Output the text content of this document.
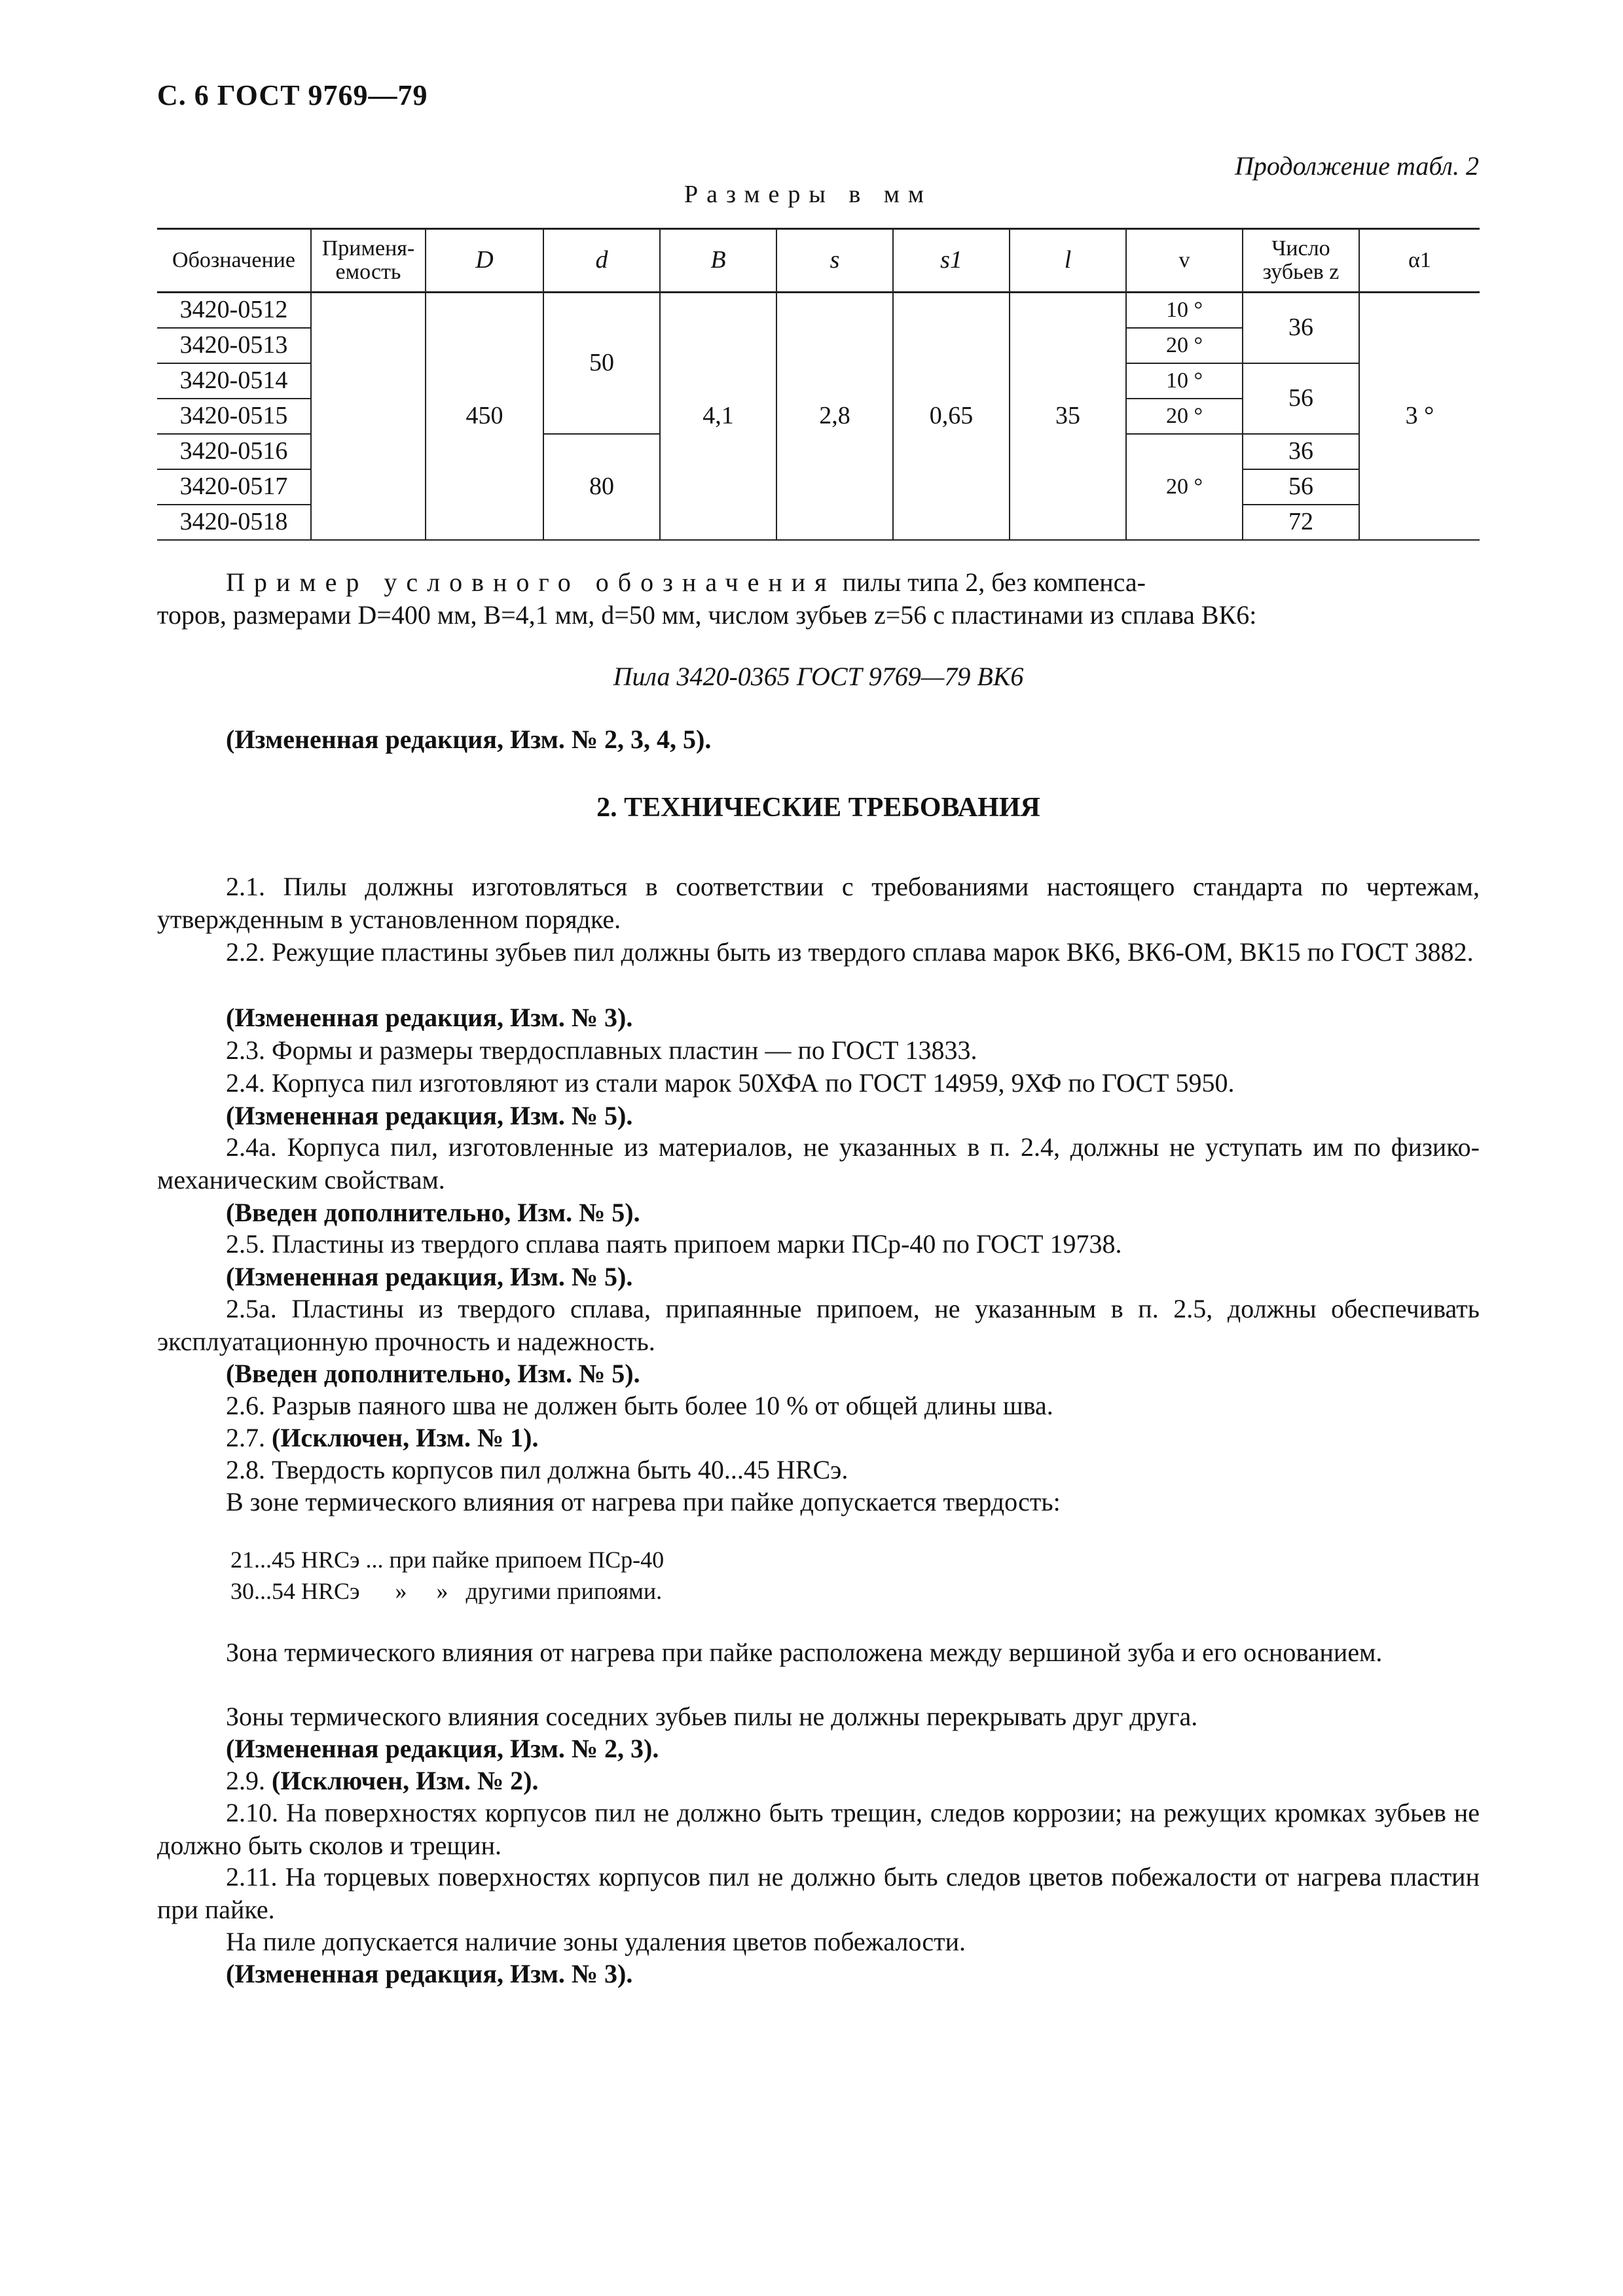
С. 6 ГОСТ 9769—79
Продолжение табл. 2
Размеры в мм
Обозначение	Применя-емость	D	d	B	s	s1	l	v	Число зубьев z	α1
3420-0512		450	50	4,1	2,8	0,65	35	10 °	36	3 °
3420-0513								20 °		
3420-0514								10 °	56	
3420-0515								20 °		
3420-0516			80					20 °	36	
3420-0517									56	
3420-0518									72	
Пример условного обозначения пилы типа 2, без компенса-
торов, размерами D=400 мм, B=4,1 мм, d=50 мм, числом зубьев z=56 с пластинами из сплава ВК6:
Пила 3420-0365 ГОСТ 9769—79 ВК6
(Измененная редакция, Изм. № 2, 3, 4, 5).
2. ТЕХНИЧЕСКИЕ ТРЕБОВАНИЯ
2.1. Пилы должны изготовляться в соответствии с требованиями настоящего стандарта по чертежам, утвержденным в установленном порядке.
2.2. Режущие пластины зубьев пил должны быть из твердого сплава марок ВК6, ВК6-ОМ, ВК15 по ГОСТ 3882.
(Измененная редакция, Изм. № 3).
2.3. Формы и размеры твердосплавных пластин — по ГОСТ 13833.
2.4. Корпуса пил изготовляют из стали марок 50ХФА по ГОСТ 14959, 9ХФ по ГОСТ 5950.
(Измененная редакция, Изм. № 5).
2.4а. Корпуса пил, изготовленные из материалов, не указанных в п. 2.4, должны не уступать им по физико-механическим свойствам.
(Введен дополнительно, Изм. № 5).
2.5. Пластины из твердого сплава паять припоем марки ПСр-40 по ГОСТ 19738.
(Измененная редакция, Изм. № 5).
2.5а. Пластины из твердого сплава, припаянные припоем, не указанным в п. 2.5, должны обеспечивать эксплуатационную прочность и надежность.
(Введен дополнительно, Изм. № 5).
2.6. Разрыв паяного шва не должен быть более 10 % от общей длины шва.
2.7. (Исключен, Изм. № 1).
2.8. Твердость корпусов пил должна быть 40...45 HRCэ.
В зоне термического влияния от нагрева при пайке допускается твердость:
21...45 HRCэ ... при пайке припоем ПСр-40
30...54 HRCэ      »     »   другими припоями.
Зона термического влияния от нагрева при пайке расположена между вершиной зуба и его основанием.
Зоны термического влияния соседних зубьев пилы не должны перекрывать друг друга.
(Измененная редакция, Изм. № 2, 3).
2.9. (Исключен, Изм. № 2).
2.10. На поверхностях корпусов пил не должно быть трещин, следов коррозии; на режущих кромках зубьев не должно быть сколов и трещин.
2.11. На торцевых поверхностях корпусов пил не должно быть следов цветов побежалости от нагрева пластин при пайке.
На пиле допускается наличие зоны удаления цветов побежалости.
(Измененная редакция, Изм. № 3).
